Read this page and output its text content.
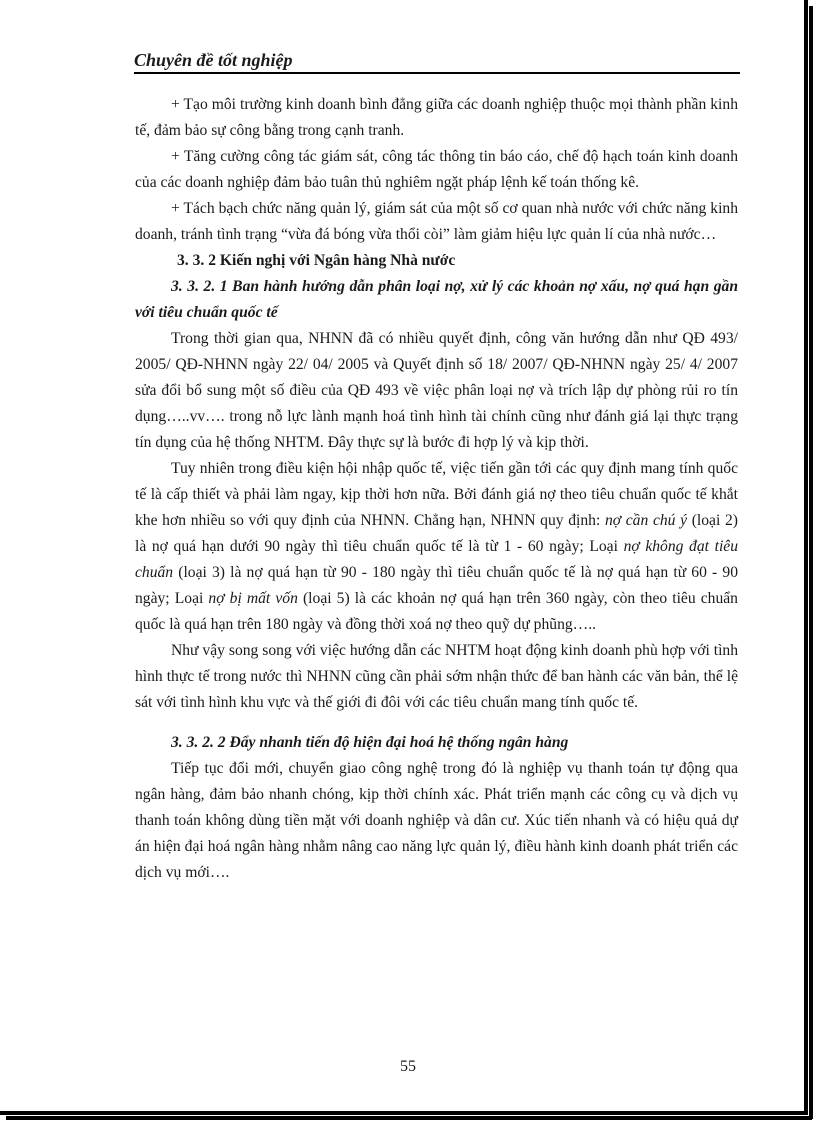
Chuyên đề tốt nghiệp

+ Tạo môi trường kinh doanh bình đẳng giữa các doanh nghiệp thuộc mọi thành phần kinh tế, đảm bảo sự công bằng trong cạnh tranh.

+ Tăng cường công tác giám sát, công tác thông tin báo cáo, chế độ hạch toán kinh doanh của các doanh nghiệp đảm bảo tuân thủ nghiêm ngặt pháp lệnh kế toán thống kê.

+ Tách bạch chức năng quản lý, giám sát của một số cơ quan nhà nước với chức năng kinh doanh, tránh tình trạng “vừa đá bóng vừa thổi còi” làm giảm hiệu lực quản lí của nhà nước…

3. 3. 2 Kiến nghị với Ngân hàng Nhà nước
3. 3. 2. 1 Ban hành hướng dẫn phân loại nợ, xử lý các khoản nợ xấu, nợ quá hạn gần với tiêu chuẩn quốc tế

Trong thời gian qua, NHNN đã có nhiều quyết định, công văn hướng dẫn như QĐ 493/ 2005/ QĐ-NHNN ngày 22/ 04/ 2005 và Quyết định số 18/ 2007/ QĐ-NHNN ngày 25/ 4/ 2007 sửa đổi bổ sung một số điều của QĐ 493 về việc phân loại nợ và trích lập dự phòng rủi ro tín dụng…..vv…. trong nỗ lực lành mạnh hoá tình hình tài chính cũng như đánh giá lại thực trạng tín dụng của hệ thống NHTM. Đây thực sự là bước đi hợp lý và kịp thời.

Tuy nhiên trong điều kiện hội nhập quốc tế, việc tiến gần tới các quy định mang tính quốc tế là cấp thiết và phải làm ngay, kịp thời hơn nữa. Bởi đánh giá nợ theo tiêu chuẩn quốc tế khắt khe hơn nhiều so với quy định của NHNN. Chẳng hạn, NHNN quy định: nợ cần chú ý (loại 2) là nợ quá hạn dưới 90 ngày thì tiêu chuẩn quốc tế là từ 1 - 60 ngày; Loại nợ không đạt tiêu chuẩn (loại 3) là nợ quá hạn từ 90 - 180 ngày thì tiêu chuẩn quốc tế là nợ quá hạn từ 60 - 90 ngày; Loại nợ bị mất vốn (loại 5) là các khoản nợ quá hạn trên 360 ngày, còn theo tiêu chuẩn quốc là quá hạn trên 180 ngày và đồng thời xoá nợ theo quỹ dự phũng…..

Như vậy song song với việc hướng dẫn các NHTM hoạt động kinh doanh phù hợp với tình hình thực tế trong nước thì NHNN cũng cần phải sớm nhận thức để ban hành các văn bản, thể lệ sát với tình hình khu vực và thế giới đi đôi với các tiêu chuẩn mang tính quốc tế.

3. 3. 2. 2 Đẩy nhanh tiến độ hiện đại hoá hệ thống ngân hàng

Tiếp tục đổi mới, chuyển giao công nghệ trong đó là nghiệp vụ thanh toán tự động qua ngân hàng, đảm bảo nhanh chóng, kịp thời chính xác. Phát triển mạnh các công cụ và dịch vụ thanh toán không dùng tiền mặt với doanh nghiệp và dân cư. Xúc tiến nhanh và có hiệu quả dự án hiện đại hoá ngân hàng nhằm nâng cao năng lực quản lý, điều hành kinh doanh phát triển các dịch vụ mới….

55
